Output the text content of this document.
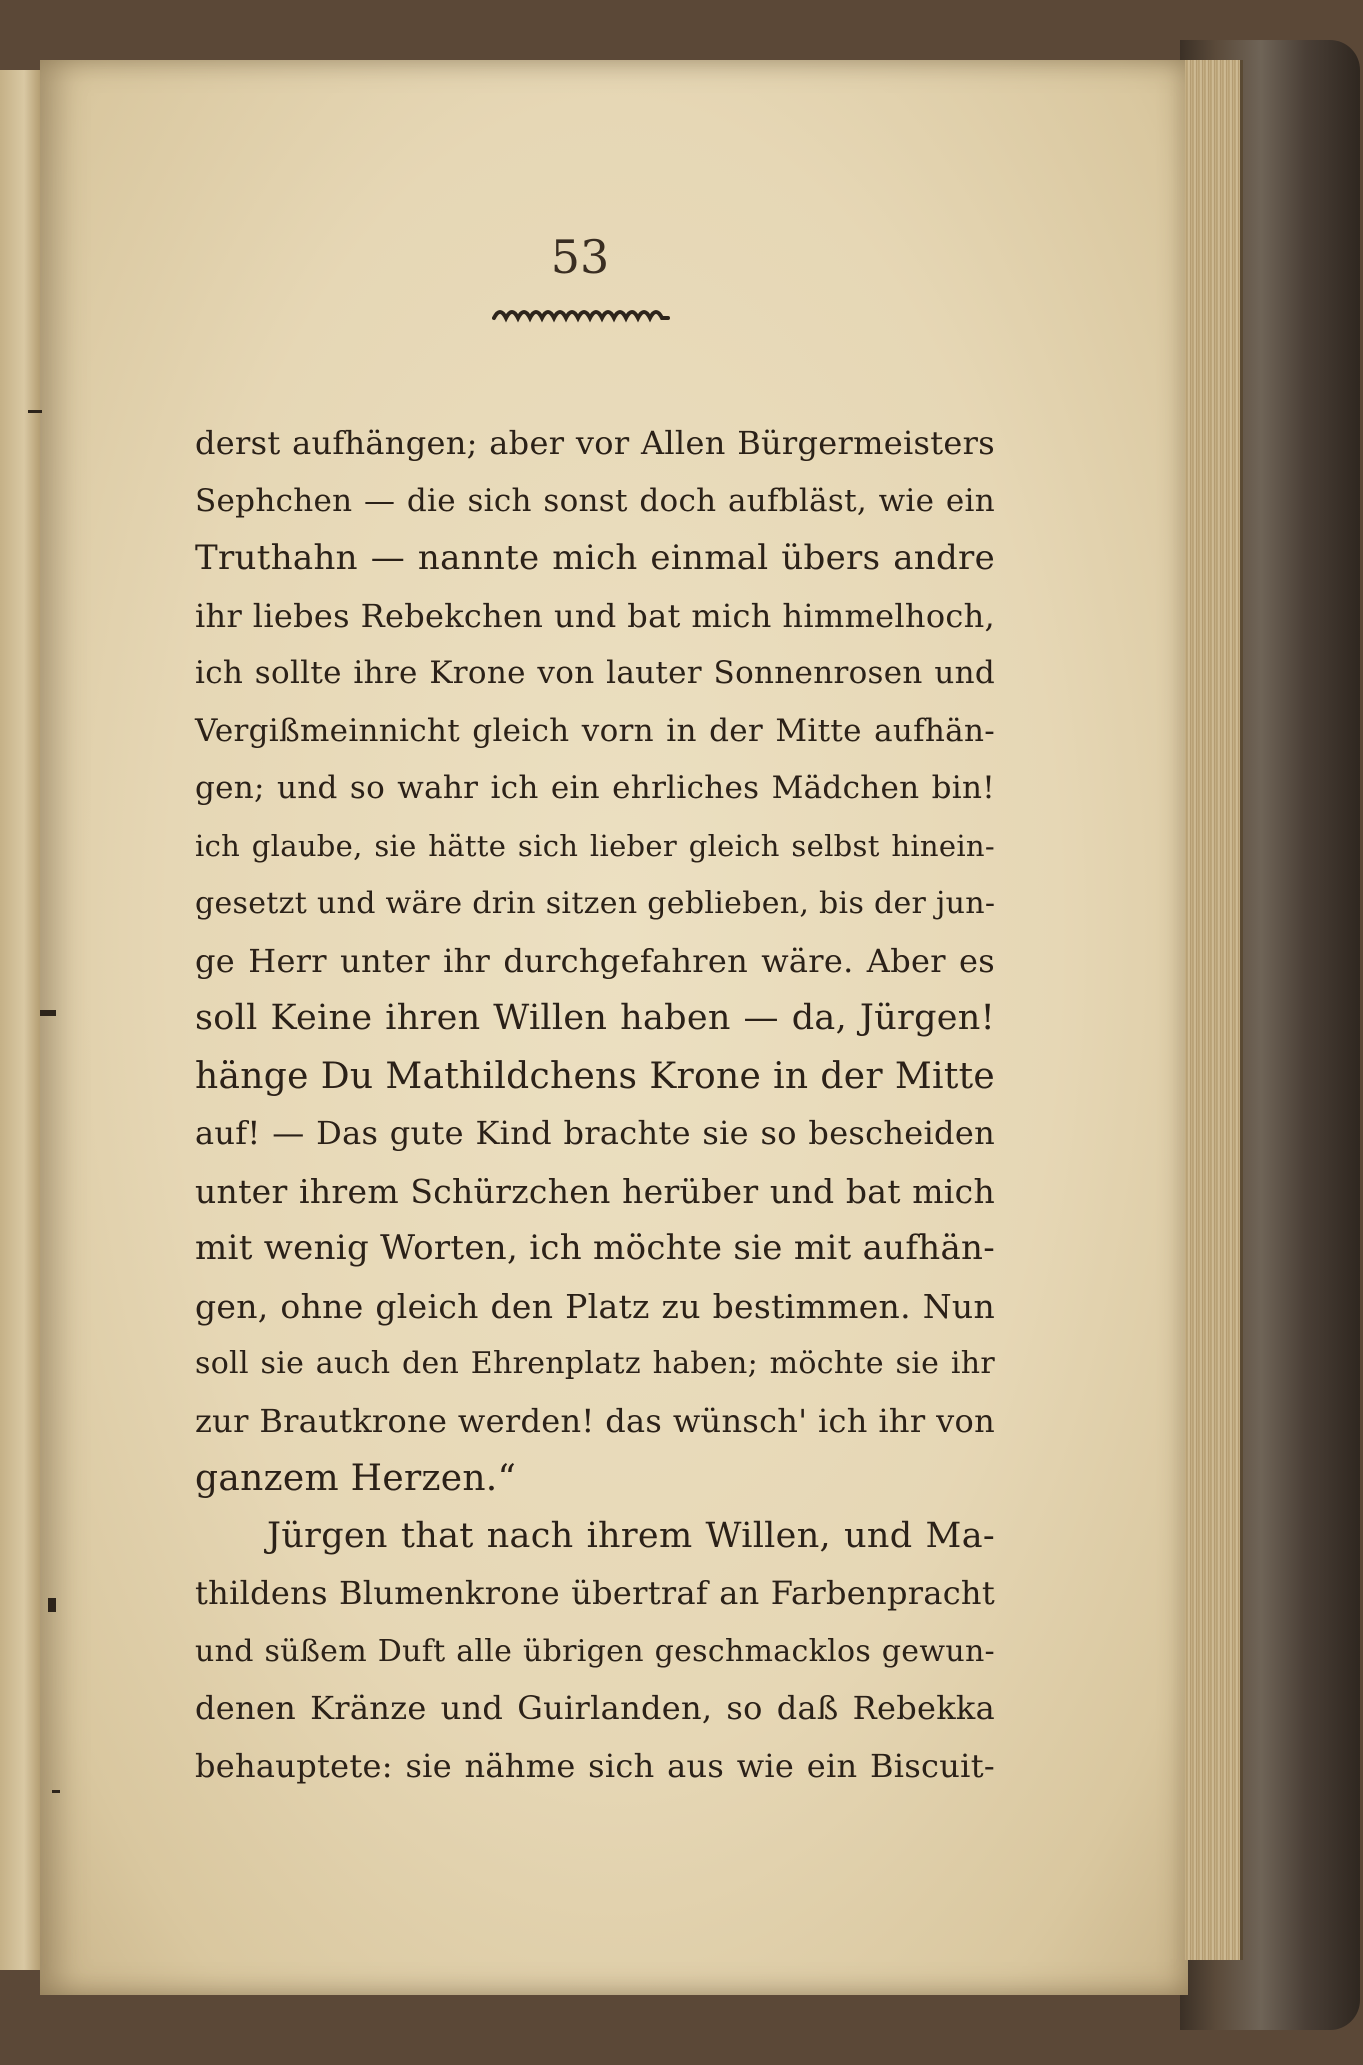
53
derst aufhängen; aber vor Allen Bürgermeisters
Sephchen — die sich sonst doch aufbläst, wie ein
Truthahn — nannte mich einmal übers andre
ihr liebes Rebekchen und bat mich himmelhoch,
ich sollte ihre Krone von lauter Sonnenrosen und
Vergißmeinnicht gleich vorn in der Mitte aufhän-
gen; und so wahr ich ein ehrliches Mädchen bin!
ich glaube, sie hätte sich lieber gleich selbst hinein-
gesetzt und wäre drin sitzen geblieben, bis der jun-
ge Herr unter ihr durchgefahren wäre. Aber es
soll Keine ihren Willen haben — da, Jürgen!
hänge Du Mathildchens Krone in der Mitte
auf! — Das gute Kind brachte sie so bescheiden
unter ihrem Schürzchen herüber und bat mich
mit wenig Worten, ich möchte sie mit aufhän-
gen, ohne gleich den Platz zu bestimmen. Nun
soll sie auch den Ehrenplatz haben; möchte sie ihr
zur Brautkrone werden! das wünsch' ich ihr von
ganzem Herzen.“
Jürgen that nach ihrem Willen, und Ma-
thildens Blumenkrone übertraf an Farbenpracht
und süßem Duft alle übrigen geschmacklos gewun-
denen Kränze und Guirlanden, so daß Rebekka
behauptete: sie nähme sich aus wie ein Biscuit-
